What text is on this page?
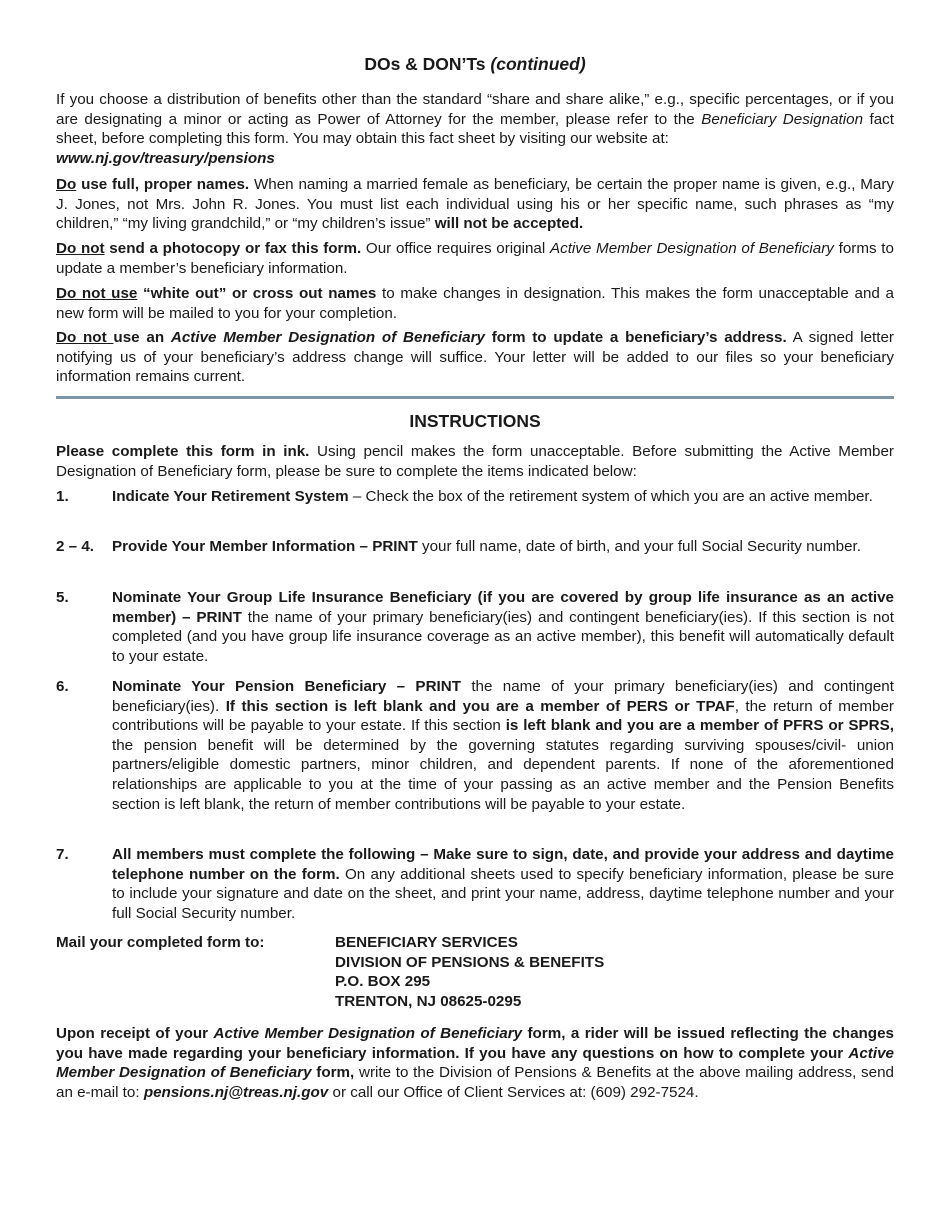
DOs & DON’Ts (continued)

If you choose a distribution of benefits other than the standard “share and share alike,” e.g., specific percentages, or if you are designating a minor or acting as Power of Attorney for the member, please refer to the Beneficiary Designation fact sheet, before completing this form. You may obtain this fact sheet by visiting our website at:
www.nj.gov/treasury/pensions

Do use full, proper names. When naming a married female as beneficiary, be certain the proper name is given, e.g., Mary J. Jones, not Mrs. John R. Jones. You must list each individual using his or her specific name, such phrases as “my children,” “my living grandchild,” or “my children’s issue” will not be accepted.

Do not send a photocopy or fax this form. Our office requires original Active Member Designation of Beneficiary forms to update a member’s beneficiary information.

Do not use “white out” or cross out names to make changes in designation. This makes the form unacceptable and a new form will be mailed to you for your completion.

Do not use an Active Member Designation of Beneficiary form to update a beneficiary’s address. A signed letter notifying us of your beneficiary’s address change will suffice. Your letter will be added to our files so your beneficiary information remains current.

INSTRUCTIONS

Please complete this form in ink. Using pencil makes the form unacceptable. Before submitting the Active Member Designation of Beneficiary form, please be sure to complete the items indicated below:

1.	Indicate Your Retirement System – Check the box of the retirement system of which you are an active member.
2 – 4.	Provide Your Member Information – PRINT your full name, date of birth, and your full Social Security number.
5.	Nominate Your Group Life Insurance Beneficiary (if you are covered by group life insurance as an active member) – PRINT the name of your primary beneficiary(ies) and contingent beneficiary(ies). If this section is not completed (and you have group life insurance coverage as an active member), this benefit will automatically default to your estate.
6.	Nominate Your Pension Beneficiary – PRINT the name of your primary beneficiary(ies) and contingent beneficiary(ies). If this section is left blank and you are a member of PERS or TPAF, the return of member contributions will be payable to your estate. If this section is left blank and you are a member of PFRS or SPRS, the pension benefit will be determined by the governing statutes regarding surviving spouses/civil- union partners/eligible domestic partners, minor children, and dependent parents. If none of the aforementioned relationships are applicable to you at the time of your passing as an active member and the Pension Benefits section is left blank, the return of member contributions will be payable to your estate.
7.	All members must complete the following – Make sure to sign, date, and provide your address and daytime telephone number on the form. On any additional sheets used to specify beneficiary information, please be sure to include your signature and date on the sheet, and print your name, address, daytime telephone number and your full Social Security number.
Mail your completed form to:	BENEFICIARY SERVICES
DIVISION OF PENSIONS & BENEFITS
P.O. BOX 295
TRENTON, NJ 08625-0295

Upon receipt of your Active Member Designation of Beneficiary form, a rider will be issued reflecting the changes you have made regarding your beneficiary information. If you have any questions on how to complete your Active Member Designation of Beneficiary form, write to the Division of Pensions & Benefits at the above mailing address, send an e-mail to: pensions.nj@treas.nj.gov or call our Office of Client Services at: (609) 292-7524.
